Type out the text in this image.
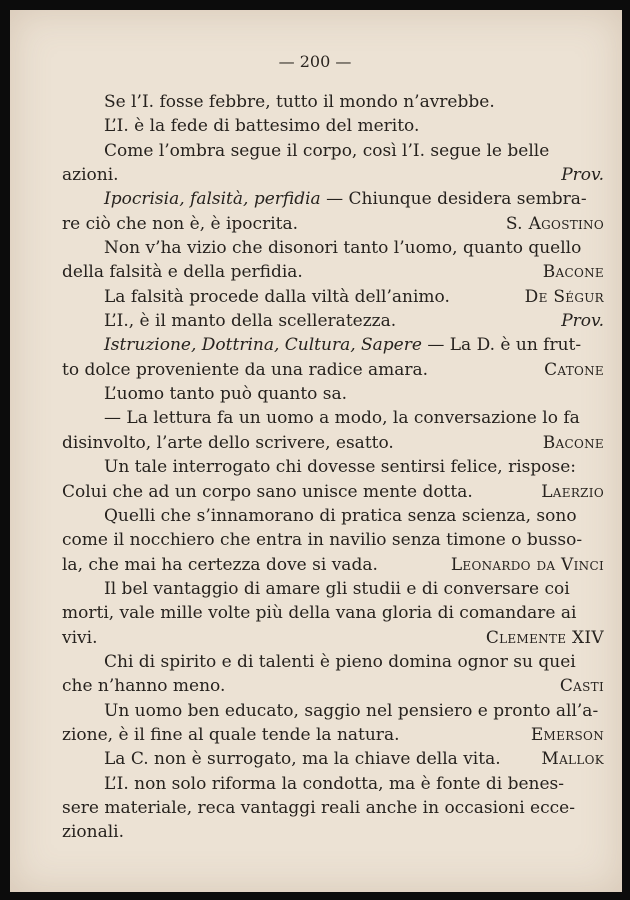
— 200 —
Se l’I. fosse febbre, tutto il mondo n’avrebbe.
L’I. è la fede di battesimo del merito.
Come l’ombra segue il corpo, così l’I. segue le belle
azioni.	Prov.
Ipocrisia, falsità, perfidia — Chiunque desidera sembra-
re ciò che non è, è ipocrita.	S. Agostino
Non v’ha vizio che disonori tanto l’uomo, quanto quello
della falsità e della perfidia.	Bacone
La falsità procede dalla viltà dell’animo.	De Ségur
L’I., è il manto della scelleratezza.	Prov.
Istruzione, Dottrina, Cultura, Sapere — La D. è un frut-
to dolce proveniente da una radice amara.	Catone
L’uomo tanto può quanto sa.
— La lettura fa un uomo a modo, la conversazione lo fa
disinvolto, l’arte dello scrivere, esatto.	Bacone
Un tale interrogato chi dovesse sentirsi felice, rispose:
Colui che ad un corpo sano unisce mente dotta.	Laerzio
Quelli che s’innamorano di pratica senza scienza, sono
come il nocchiero che entra in navilio senza timone o busso-
la, che mai ha certezza dove si vada.	Leonardo da Vinci
Il bel vantaggio di amare gli studii e di conversare coi
morti, vale mille volte più della vana gloria di comandare ai
vivi.	Clemente XIV
Chi di spirito e di talenti è pieno domina ognor su quei
che n’hanno meno.	Casti
Un uomo ben educato, saggio nel pensiero e pronto all’a-
zione, è il fine al quale tende la natura.	Emerson
La C. non è surrogato, ma la chiave della vita. Mallok
L’I. non solo riforma la condotta, ma è fonte di benes-
sere materiale, reca vantaggi reali anche in occasioni ecce-
zionali.
